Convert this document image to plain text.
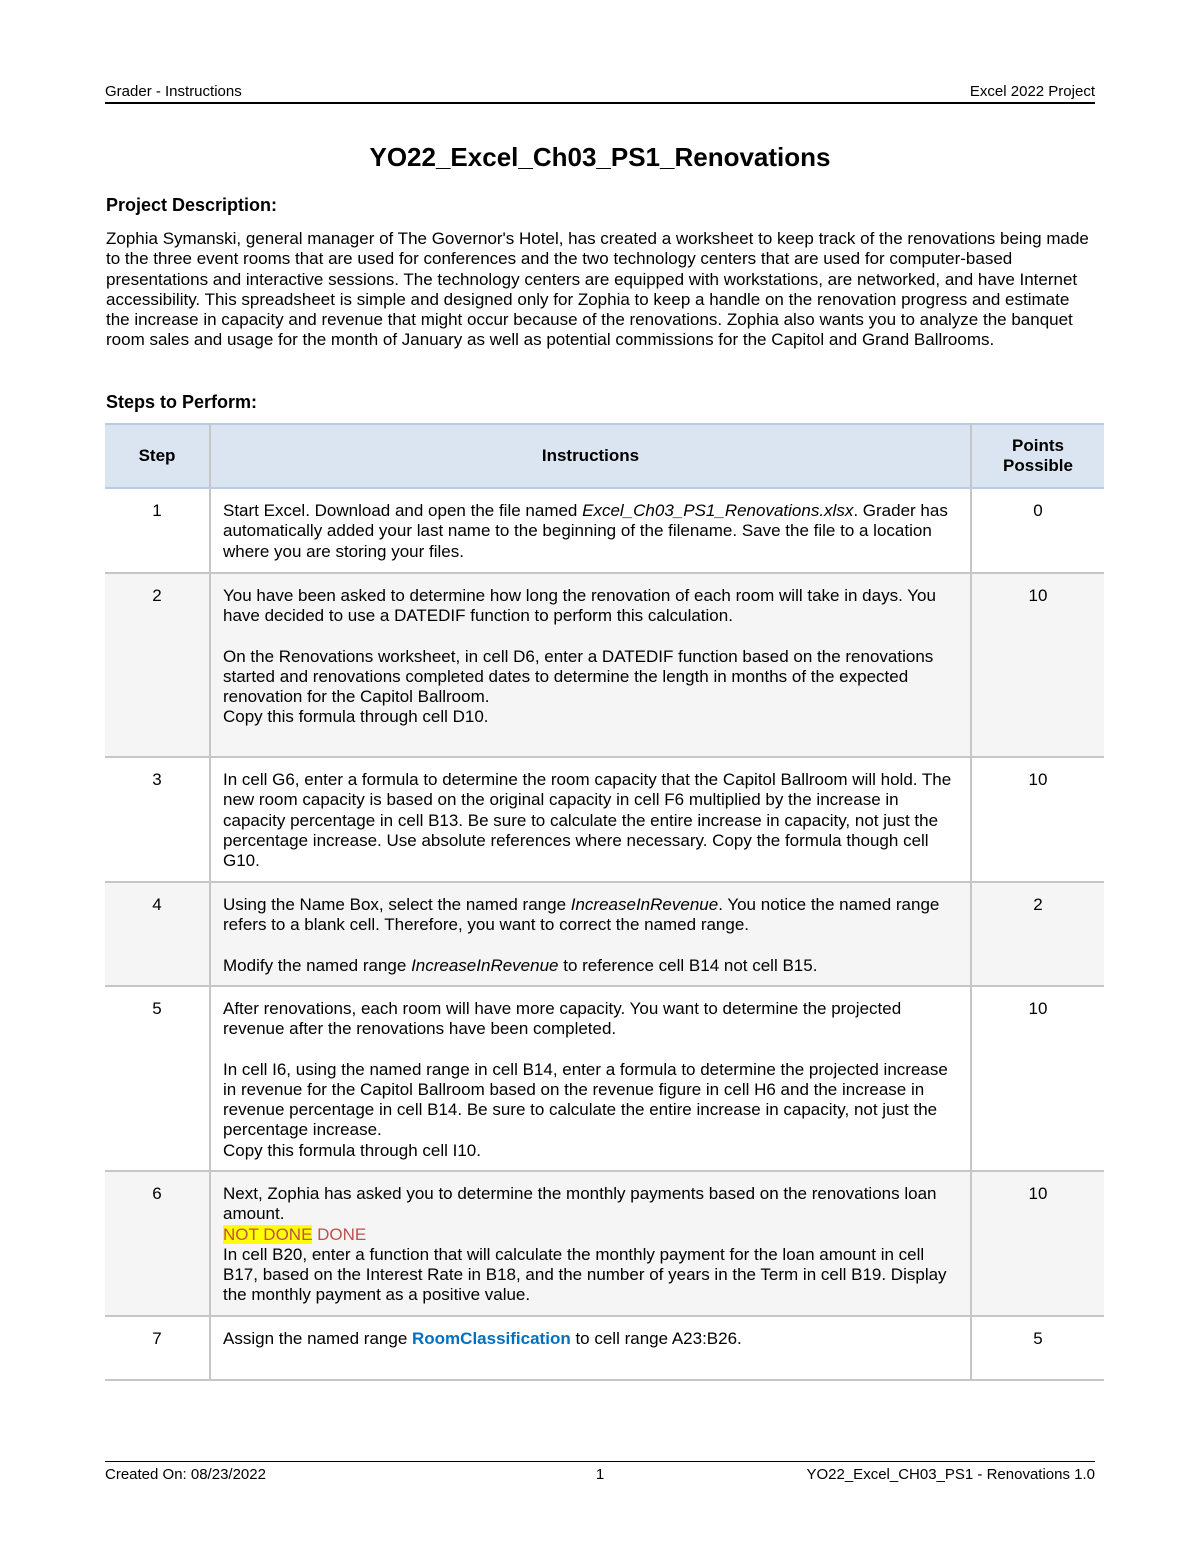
Grader - Instructions	Excel 2022 Project
YO22_Excel_Ch03_PS1_Renovations
Project Description:
Zophia Symanski, general manager of The Governor's Hotel, has created a worksheet to keep track of the renovations being made to the three event rooms that are used for conferences and the two technology centers that are used for computer-based presentations and interactive sessions. The technology centers are equipped with workstations, are networked, and have Internet accessibility. This spreadsheet is simple and designed only for Zophia to keep a handle on the renovation progress and estimate the increase in capacity and revenue that might occur because of the renovations. Zophia also wants you to analyze the banquet room sales and usage for the month of January as well as potential commissions for the Capitol and Grand Ballrooms.
Steps to Perform:
Step	Instructions	Points
Possible
1	Start Excel. Download and open the file named Excel_Ch03_PS1_Renovations.xlsx. Grader has automatically added your last name to the beginning of the filename. Save the file to a location where you are storing your files.	0
2	You have been asked to determine how long the renovation of each room will take in days. You have decided to use a DATEDIF function to perform this calculation.

On the Renovations worksheet, in cell D6, enter a DATEDIF function based on the renovations started and renovations completed dates to determine the length in months of the expected renovation for the Capitol Ballroom.

Copy this formula through cell D10.	10
3	In cell G6, enter a formula to determine the room capacity that the Capitol Ballroom will hold. The new room capacity is based on the original capacity in cell F6 multiplied by the increase in capacity percentage in cell B13. Be sure to calculate the entire increase in capacity, not just the percentage increase. Use absolute references where necessary. Copy the formula though cell G10.	10
4	Using the Name Box, select the named range IncreaseInRevenue. You notice the named range refers to a blank cell. Therefore, you want to correct the named range.

Modify the named range IncreaseInRevenue to reference cell B14 not cell B15.	2
5	After renovations, each room will have more capacity. You want to determine the projected revenue after the renovations have been completed.

In cell I6, using the named range in cell B14, enter a formula to determine the projected increase in revenue for the Capitol Ballroom based on the revenue figure in cell H6 and the increase in revenue percentage in cell B14. Be sure to calculate the entire increase in capacity, not just the percentage increase.

Copy this formula through cell I10.	10
6	Next, Zophia has asked you to determine the monthly payments based on the renovations loan amount.

NOT DONE DONE

In cell B20, enter a function that will calculate the monthly payment for the loan amount in cell B17, based on the Interest Rate in B18, and the number of years in the Term in cell B19. Display the monthly payment as a positive value.	10
7	Assign the named range RoomClassification to cell range A23:B26.	5
Created On: 08/23/2022	1	YO22_Excel_CH03_PS1 - Renovations 1.0
